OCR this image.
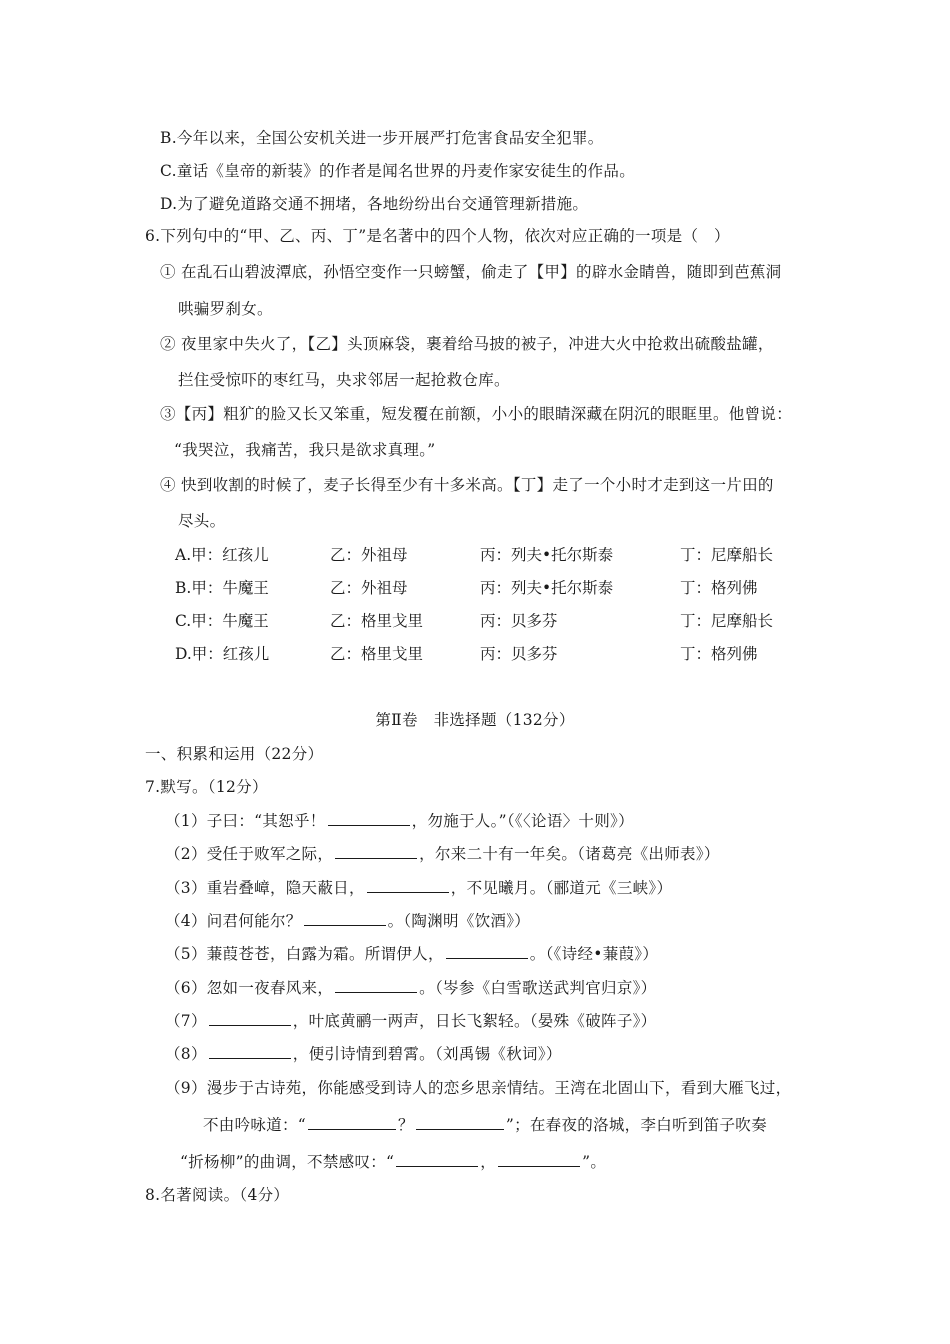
B.今年以来，全国公安机关进一步开展严打危害食品安全犯罪。
C.童话《皇帝的新装》的作者是闻名世界的丹麦作家安徒生的作品。
D.为了避免道路交通不拥堵，各地纷纷出台交通管理新措施。
6.下列句中的“甲、乙、丙、丁”是名著中的四个人物，依次对应正确的一项是（　）
① 在乱石山碧波潭底，孙悟空变作一只螃蟹，偷走了【甲】的辟水金睛兽，随即到芭蕉洞
哄骗罗刹女。
② 夜里家中失火了，【乙】头顶麻袋，裹着给马披的被子，冲进大火中抢救出硫酸盐罐，
拦住受惊吓的枣红马，央求邻居一起抢救仓库。
③【丙】粗犷的脸又长又笨重，短发覆在前额，小小的眼睛深藏在阴沉的眼眶里。他曾说：
“我哭泣，我痛苦，我只是欲求真理。”
④ 快到收割的时候了，麦子长得至少有十多米高。【丁】走了一个小时才走到这一片田的
尽头。
A.甲：红孩儿	乙：外祖母	丙：列夫•托尔斯泰	丁：尼摩船长
B.甲：牛魔王	乙：外祖母	丙：列夫•托尔斯泰	丁：格列佛
C.甲：牛魔王	乙：格里戈里	丙：贝多芬	丁：尼摩船长
D.甲：红孩儿	乙：格里戈里	丙：贝多芬	丁：格列佛
第Ⅱ卷　非选择题（132分）
一、积累和运用（22分）
7.默写。（12分）
（1）子曰：“其恕乎！	，勿施于人。”（《〈论语〉十则》）
（2）受任于败军之际，	，尔来二十有一年矣。（诸葛亮《出师表》）
（3）重岩叠嶂，隐天蔽日，	，不见曦月。（郦道元《三峡》）
（4）问君何能尔？	。（陶渊明《饮酒》）
（5）蒹葭苍苍，白露为霜。所谓伊人，	。（《诗经•蒹葭》）
（6）忽如一夜春风来，	。（岑参《白雪歌送武判官归京》）
（7）	，叶底黄鹂一两声，日长飞絮轻。（晏殊《破阵子》）
（8）	，便引诗情到碧霄。（刘禹锡《秋词》）
（9）漫步于古诗苑，你能感受到诗人的恋乡思亲情结。王湾在北固山下，看到大雁飞过，
不由吟咏道：“	？	”；在春夜的洛城，李白听到笛子吹奏
“折杨柳”的曲调，不禁感叹：“	，	”。
8.名著阅读。（4分）
